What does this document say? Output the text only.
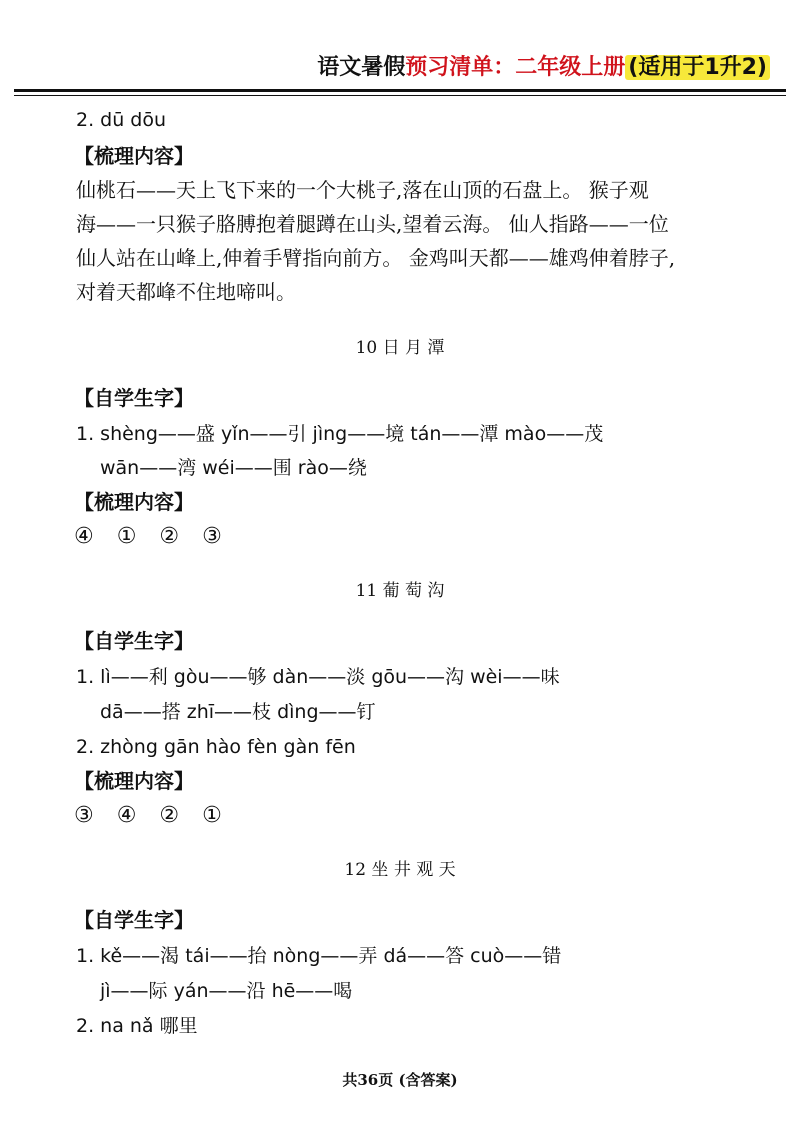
语文暑假预习清单：二年级上册 (适用于1升2)
2. dū dōu
【梳理内容】
仙桃石——天上飞下来的一个大桃子,落在山顶的石盘上。 猴子观
海——一只猴子胳膊抱着腿蹲在山头,望着云海。 仙人指路——一位
仙人站在山峰上,伸着手臂指向前方。 金鸡叫天都——雄鸡伸着脖子,
对着天都峰不住地啼叫。
10 日 月 潭
【自学生字】
1. shèng——盛 yǐn——引 jìng——境 tán——潭 mào——茂
wān——湾 wéi——围 rào—绕
【梳理内容】
④ ① ② ③
11 葡 萄 沟
【自学生字】
1. lì——利 gòu——够 dàn——淡 gōu——沟 wèi——味
dā——搭 zhī——枝 dìng——钉
2. zhòng gān hào fèn gàn fēn
【梳理内容】
③ ④ ② ①
12 坐 井 观 天
【自学生字】
1. kě——渴 tái——抬 nòng——弄 dá——答 cuò——错
jì——际 yán——沿 hē——喝
2. na nǎ 哪里
共36页 (含答案)
